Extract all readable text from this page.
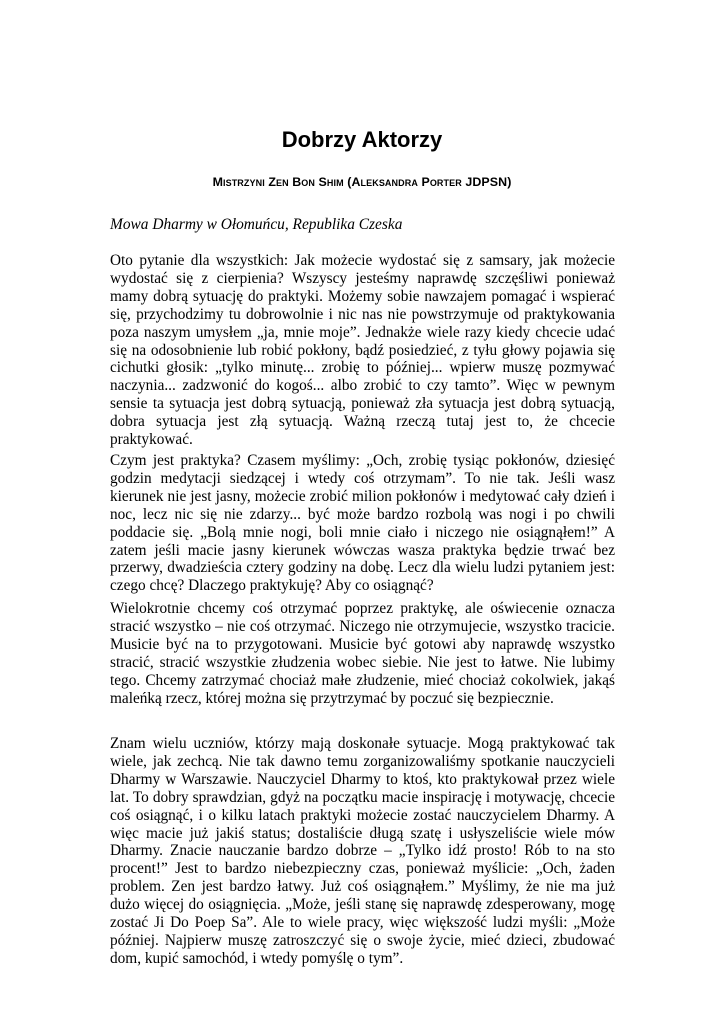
Dobrzy Aktorzy
Mistrzyni Zen Bon Shim (Aleksandra Porter JDPSN)
Mowa Dharmy w Ołomuńcu, Republika Czeska

Oto pytanie dla wszystkich: Jak możecie wydostać się z samsary, jak możecie wydostać się z cierpienia? Wszyscy jesteśmy naprawdę szczęśliwi ponieważ mamy dobrą sytuację do praktyki. Możemy sobie nawzajem pomagać i wspierać się, przychodzimy tu dobrowolnie i nic nas nie powstrzymuje od praktykowania poza naszym umysłem „ja, mnie moje”. Jednakże wiele razy kiedy chcecie udać się na odosobnienie lub robić pokłony, bądź posiedzieć, z tyłu głowy pojawia się cichutki głosik: „tylko minutę... zrobię to później... wpierw muszę pozmywać naczynia... zadzwonić do kogoś... albo zrobić to czy tamto”. Więc w pewnym sensie ta sytuacja jest dobrą sytuacją, ponieważ zła sytuacja jest dobrą sytuacją, dobra sytuacja jest złą sytuacją. Ważną rzeczą tutaj jest to, że chcecie praktykować.

Czym jest praktyka? Czasem myślimy: „Och, zrobię tysiąc pokłonów, dziesięć godzin medytacji siedzącej i wtedy coś otrzymam”. To nie tak. Jeśli wasz kierunek nie jest jasny, możecie zrobić milion pokłonów i medytować cały dzień i noc, lecz nic się nie zdarzy... być może bardzo rozbolą was nogi i po chwili poddacie się. „Bolą mnie nogi, boli mnie ciało i niczego nie osiągnąłem!” A zatem jeśli macie jasny kierunek wówczas wasza praktyka będzie trwać bez przerwy, dwadzieścia cztery godziny na dobę. Lecz dla wielu ludzi pytaniem jest: czego chcę? Dlaczego praktykuję? Aby co osiągnąć?

Wielokrotnie chcemy coś otrzymać poprzez praktykę, ale oświecenie oznacza stracić wszystko – nie coś otrzymać. Niczego nie otrzymujecie, wszystko tracicie. Musicie być na to przygotowani. Musicie być gotowi aby naprawdę wszystko stracić, stracić wszystkie złudzenia wobec siebie. Nie jest to łatwe. Nie lubimy tego. Chcemy zatrzymać chociaż małe złudzenie, mieć chociaż cokolwiek, jakąś maleńką rzecz, której można się przytrzymać by poczuć się bezpiecznie.

Znam wielu uczniów, którzy mają doskonałe sytuacje. Mogą praktykować tak wiele, jak zechcą. Nie tak dawno temu zorganizowaliśmy spotkanie nauczycieli Dharmy w Warszawie. Nauczyciel Dharmy to ktoś, kto praktykował przez wiele lat. To dobry sprawdzian, gdyż na początku macie inspirację i motywację, chcecie coś osiągnąć, i o kilku latach praktyki możecie zostać nauczycielem Dharmy. A więc macie już jakiś status; dostaliście długą szatę i usłyszeliście wiele mów Dharmy. Znacie nauczanie bardzo dobrze – „Tylko idź prosto! Rób to na sto procent!” Jest to bardzo niebezpieczny czas, ponieważ myślicie: „Och, żaden problem. Zen jest bardzo łatwy. Już coś osiągnąłem.” Myślimy, że nie ma już dużo więcej do osiągnięcia. „Może, jeśli stanę się naprawdę zdesperowany, mogę zostać Ji Do Poep Sa”. Ale to wiele pracy, więc większość ludzi myśli: „Może później. Najpierw muszę zatroszczyć się o swoje życie, mieć dzieci, zbudować dom, kupić samochód, i wtedy pomyślę o tym”.
